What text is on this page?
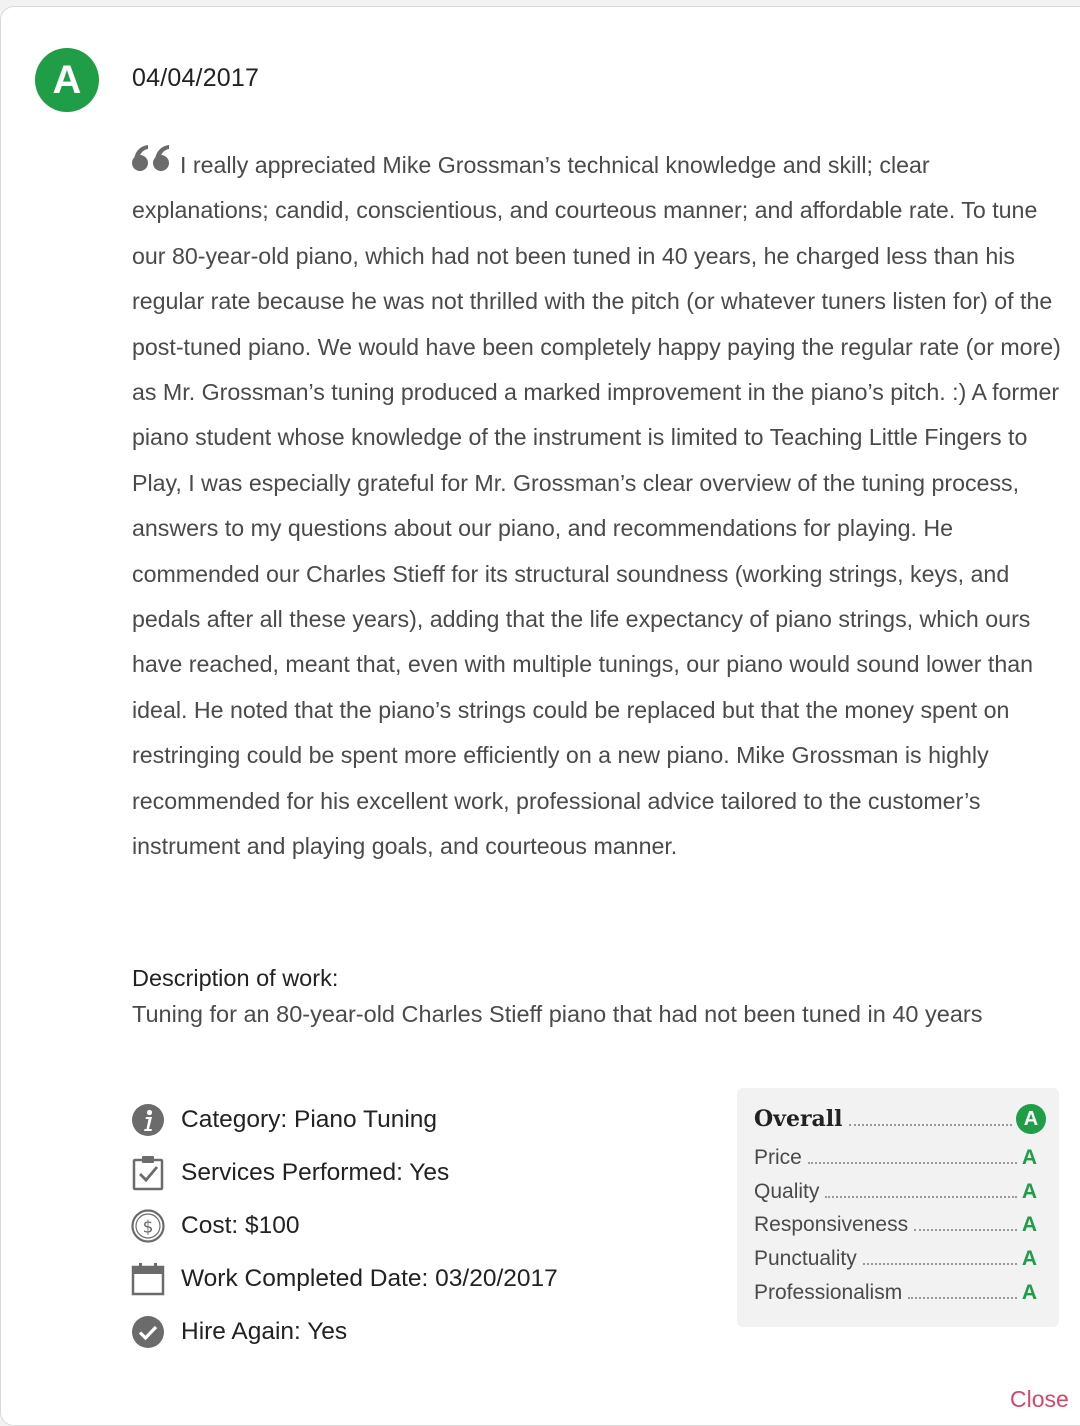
A	04/04/2017
I really appreciated Mike Grossman’s technical knowledge and skill; clear explanations; candid, conscientious, and courteous manner; and affordable rate. To tune our 80-year-old piano, which had not been tuned in 40 years, he charged less than his regular rate because he was not thrilled with the pitch (or whatever tuners listen for) of the post-tuned piano. We would have been completely happy paying the regular rate (or more) as Mr. Grossman’s tuning produced a marked improvement in the piano’s pitch. :) A former piano student whose knowledge of the instrument is limited to Teaching Little Fingers to Play, I was especially grateful for Mr. Grossman’s clear overview of the tuning process, answers to my questions about our piano, and recommendations for playing. He commended our Charles Stieff for its structural soundness (working strings, keys, and pedals after all these years), adding that the life expectancy of piano strings, which ours have reached, meant that, even with multiple tunings, our piano would sound lower than ideal. He noted that the piano’s strings could be replaced but that the money spent on restringing could be spent more efficiently on a new piano. Mike Grossman is highly recommended for his excellent work, professional advice tailored to the customer’s instrument and playing goals, and courteous manner.
Description of work:
Tuning for an 80-year-old Charles Stieff piano that had not been tuned in 40 years
Category: Piano Tuning
Services Performed: Yes
$ Cost: $100
Work Completed Date: 03/20/2017
Hire Again: Yes
Overall	A
Price	A
Quality	A
Responsiveness	A
Punctuality	A
Professionalism	A
Close
